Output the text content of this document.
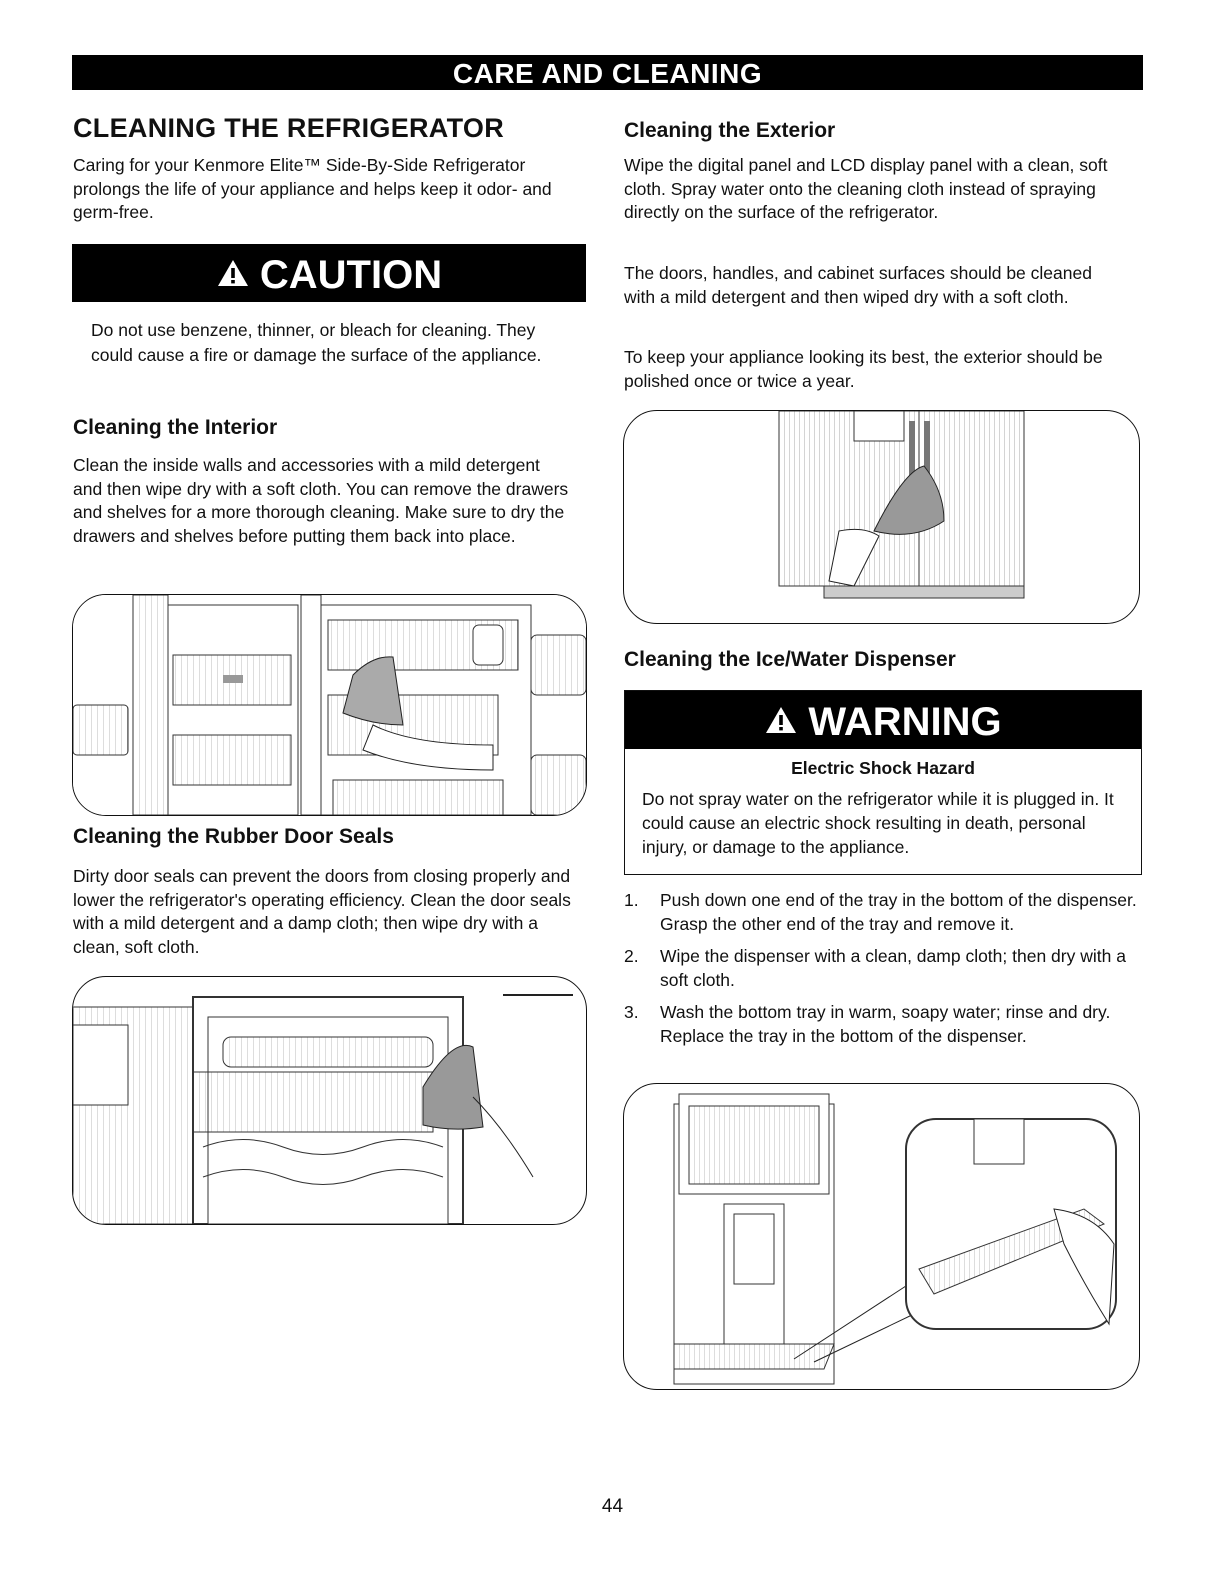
CARE AND CLEANING
CLEANING THE REFRIGERATOR
Caring for your Kenmore Elite™ Side-By-Side Refrigerator prolongs the life of your appliance and helps keep it odor- and germ-free.
CAUTION
Do not use benzene, thinner, or bleach for cleaning. They could cause a fire or damage the surface of the appliance.
Cleaning the Interior
Clean the inside walls and accessories with a mild detergent and then wipe dry with a soft cloth. You can remove the drawers and shelves for a more thorough cleaning. Make sure to dry the drawers and shelves before putting them back into place.
Cleaning the Rubber Door Seals
Dirty door seals can prevent the doors from closing properly and lower the refrigerator's operating efficiency. Clean the door seals with a mild detergent and a damp cloth; then wipe dry with a clean, soft cloth.
Cleaning the Exterior
Wipe the digital panel and LCD display panel with a clean, soft cloth. Spray water onto the cleaning cloth instead of spraying directly on the surface of the refrigerator.
The doors, handles, and cabinet surfaces should be cleaned with a mild detergent and then wiped dry with a soft cloth.
To keep your appliance looking its best, the exterior should be polished once or twice a year.
Cleaning the Ice/Water Dispenser
WARNING
Electric Shock Hazard
Do not spray water on the refrigerator while it is plugged in. It could cause an electric shock resulting in death, personal injury, or damage to the appliance.
1. Push down one end of the tray in the bottom of the dispenser. Grasp the other end of the tray and remove it.
2. Wipe the dispenser with a clean, damp cloth; then dry with a soft cloth.
3. Wash the bottom tray in warm, soapy water; rinse and dry. Replace the tray in the bottom of the dispenser.
44
